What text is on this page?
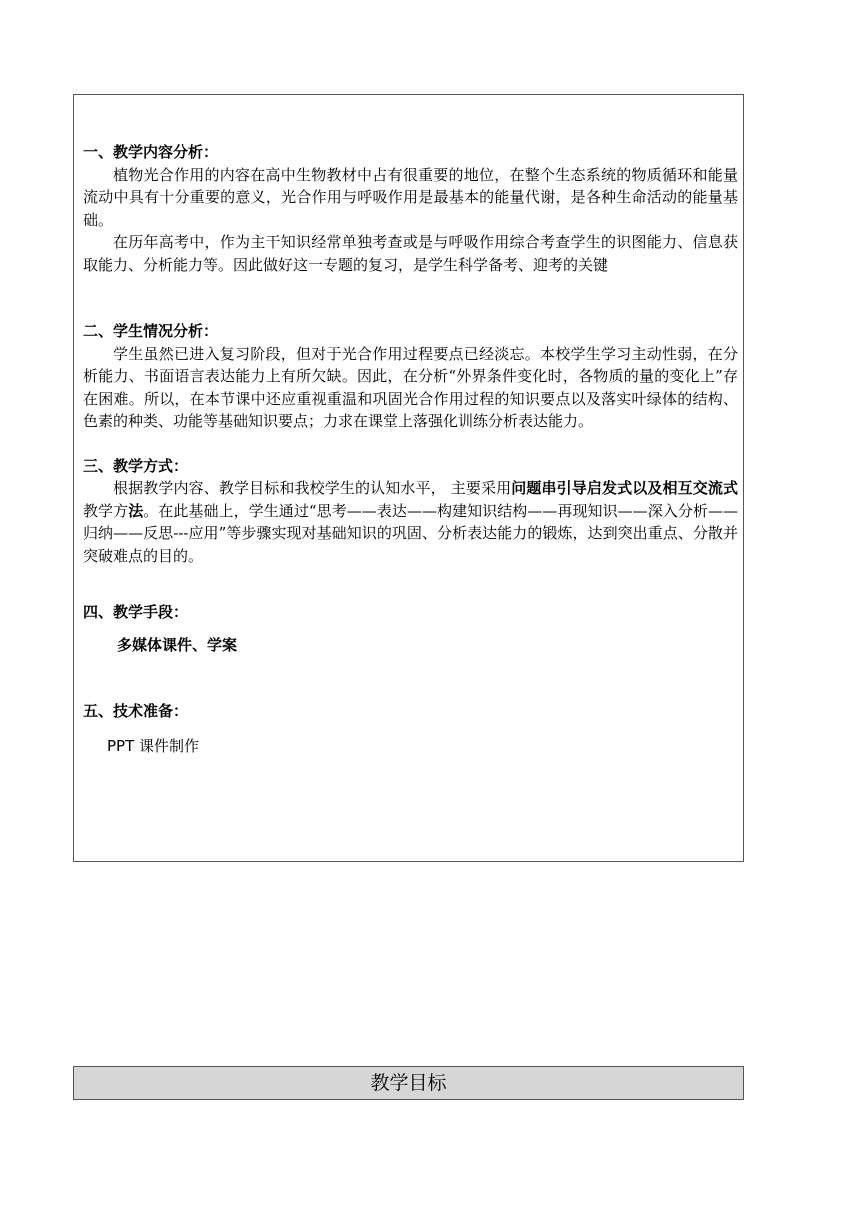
一、教学内容分析：

植物光合作用的内容在高中生物教材中占有很重要的地位，在整个生态系统的物质循环和能量流动中具有十分重要的意义，光合作用与呼吸作用是最基本的能量代谢，是各种生命活动的能量基础。

在历年高考中，作为主干知识经常单独考查或是与呼吸作用综合考查学生的识图能力、信息获取能力、分析能力等。因此做好这一专题的复习，是学生科学备考、迎考的关键

二、学生情况分析：

学生虽然已进入复习阶段，但对于光合作用过程要点已经淡忘。本校学生学习主动性弱，在分析能力、书面语言表达能力上有所欠缺。因此，在分析“外界条件变化时，各物质的量的变化上”存在困难。所以，在本节课中还应重视重温和巩固光合作用过程的知识要点以及落实叶绿体的结构、色素的种类、功能等基础知识要点；力求在课堂上落强化训练分析表达能力。

三、教学方式：

根据教学内容、教学目标和我校学生的认知水平， 主要采用问题串引导启发式以及相互交流式教学方法。在此基础上，学生通过“思考——表达——构建知识结构——再现知识——深入分析——归纳——反思---应用”等步骤实现对基础知识的巩固、分析表达能力的锻炼，达到突出重点、分散并突破难点的目的。

四、教学手段：

多媒体课件、学案

五、技术准备：

PPT 课件制作

教学目标
